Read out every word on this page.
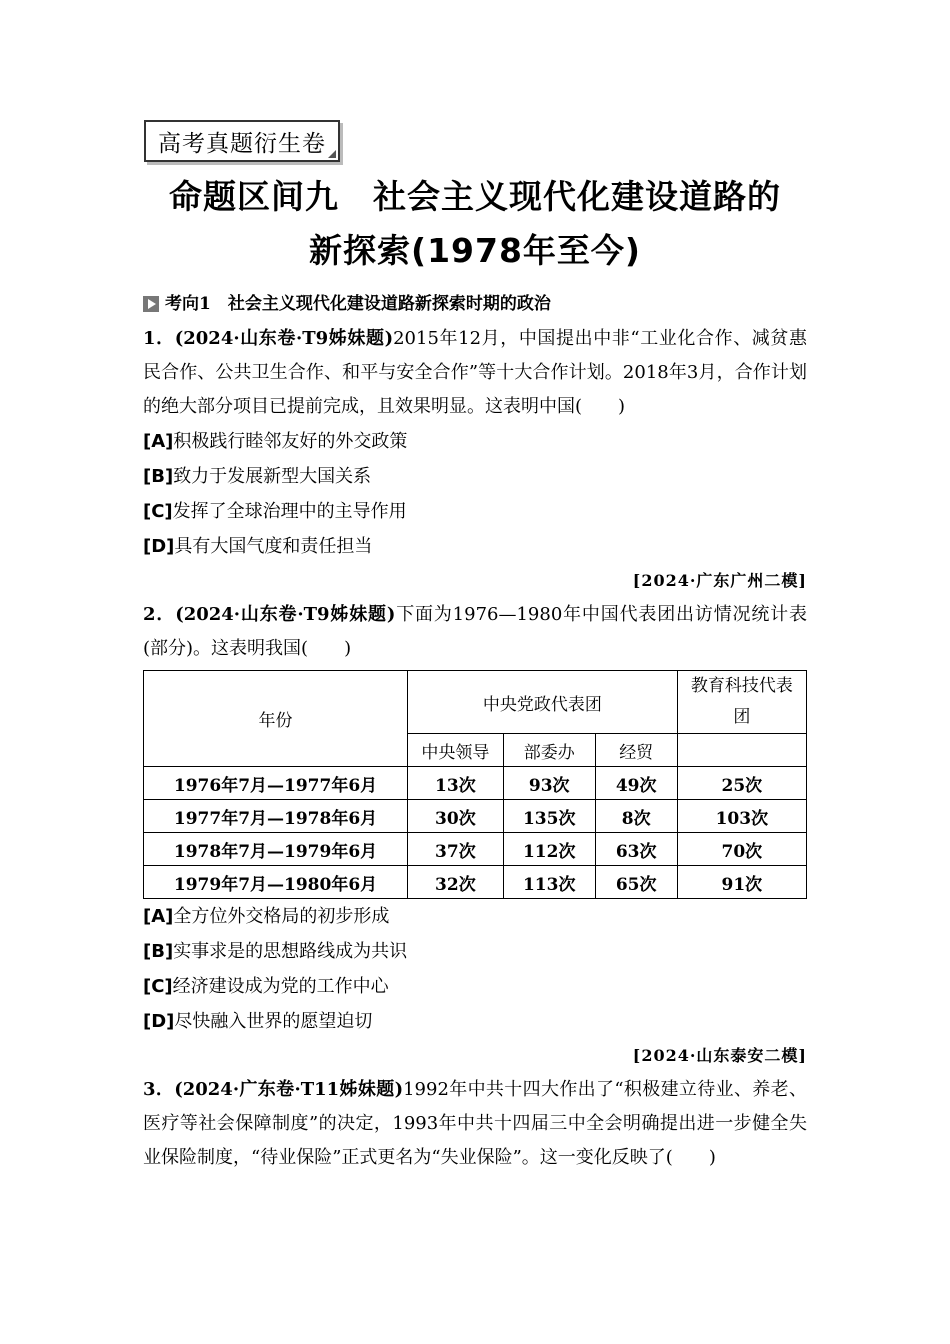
高考真题衍生卷
命题区间九　社会主义现代化建设道路的
新探索(1978年至今)
考向1　社会主义现代化建设道路新探索时期的政治
1．(2024·山东卷·T9姊妹题)2015年12月，中国提出中非“工业化合作、减贫惠民合作、公共卫生合作、和平与安全合作”等十大合作计划。2018年3月，合作计划的绝大部分项目已提前完成，且效果明显。这表明中国(　　)
[A]积极践行睦邻友好的外交政策
[B]致力于发展新型大国关系
[C]发挥了全球治理中的主导作用
[D]具有大国气度和责任担当
[2024·广东广州二模]
2．(2024·山东卷·T9姊妹题)下面为1976—1980年中国代表团出访情况统计表(部分)。这表明我国(　　)
年份	中央党政代表团			教育科技代表团
	中央领导	部委办	经贸	
1976年7月—1977年6月	13次	93次	49次	25次
1977年7月—1978年6月	30次	135次	8次	103次
1978年7月—1979年6月	37次	112次	63次	70次
1979年7月—1980年6月	32次	113次	65次	91次
[A]全方位外交格局的初步形成
[B]实事求是的思想路线成为共识
[C]经济建设成为党的工作中心
[D]尽快融入世界的愿望迫切
[2024·山东泰安二模]
3．(2024·广东卷·T11姊妹题)1992年中共十四大作出了“积极建立待业、养老、医疗等社会保障制度”的决定，1993年中共十四届三中全会明确提出进一步健全失业保险制度，“待业保险”正式更名为“失业保险”。这一变化反映了(　　)
